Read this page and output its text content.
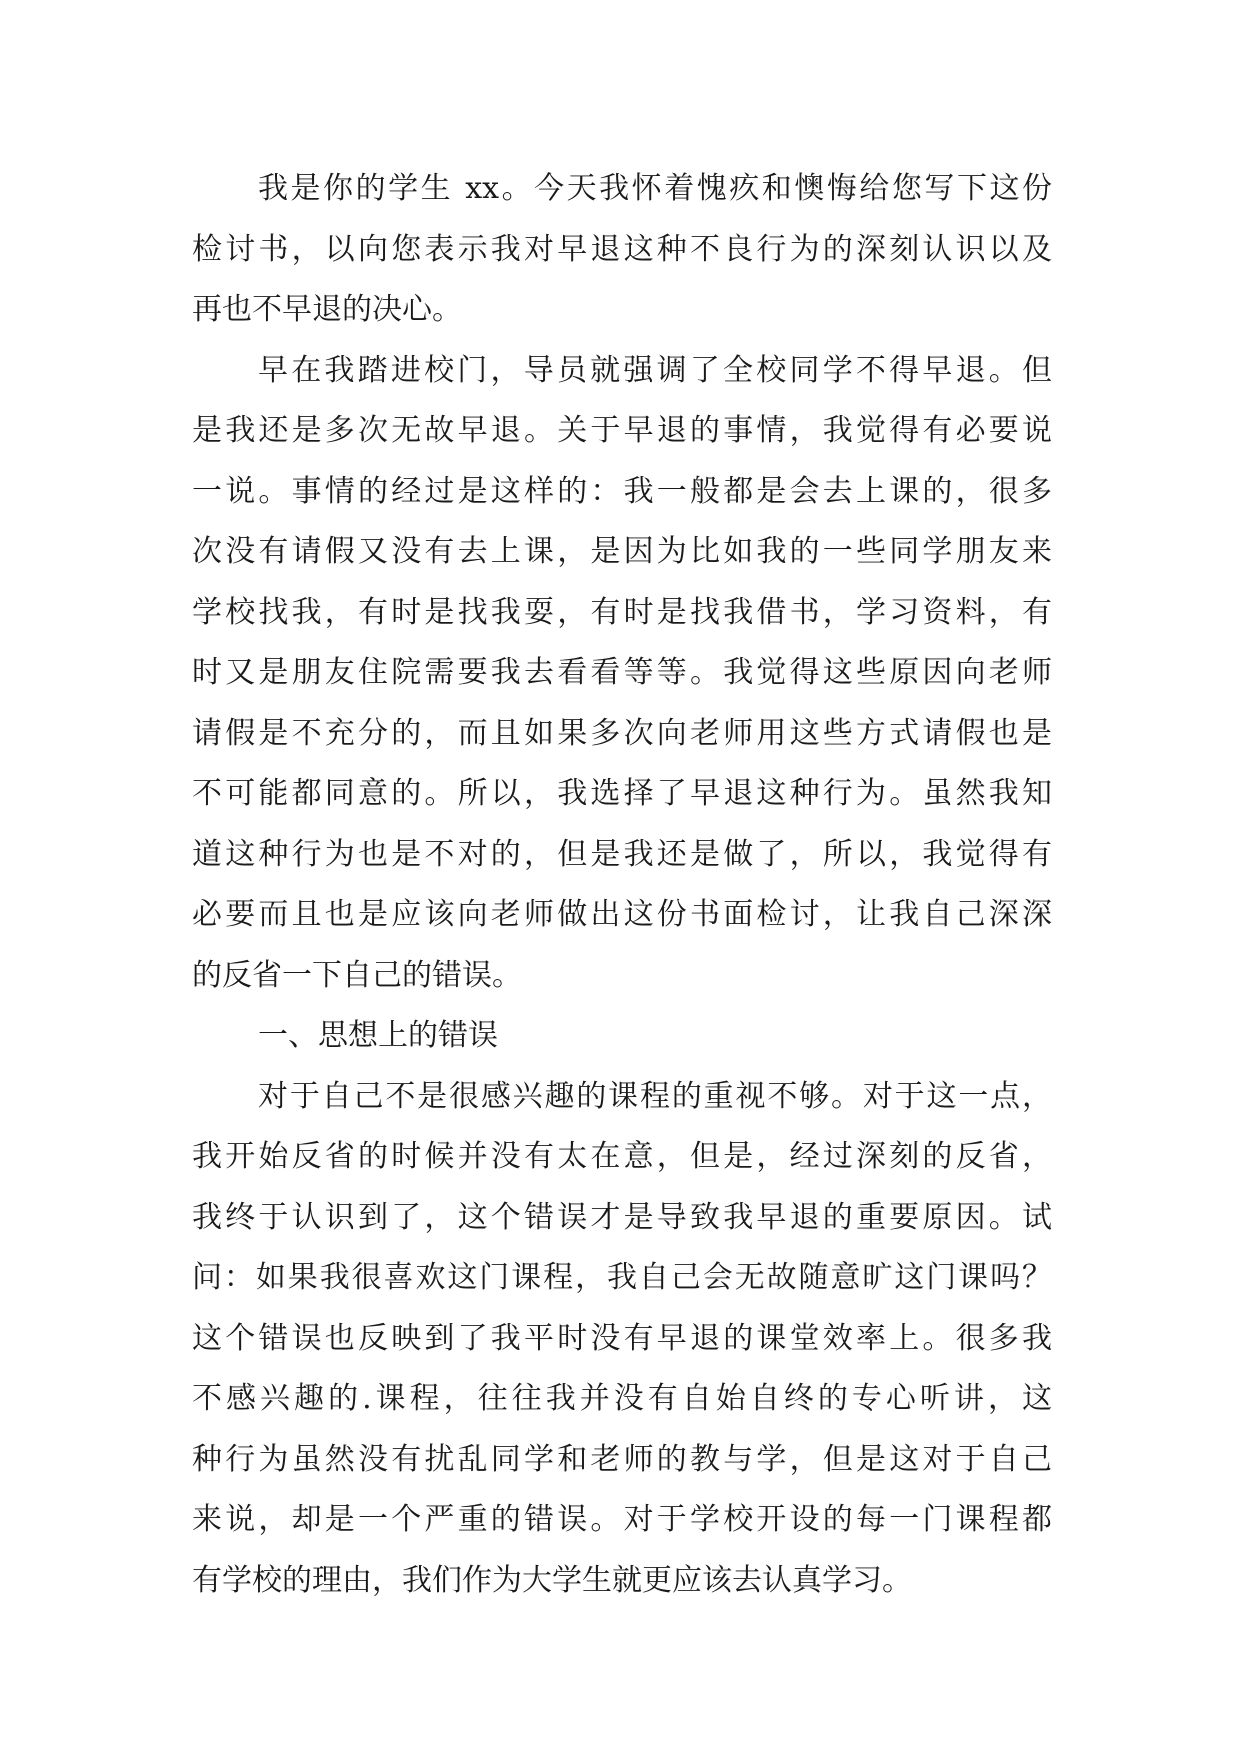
我是你的学生 xx。今天我怀着愧疚和懊悔给您写下这份
检讨书，以向您表示我对早退这种不良行为的深刻认识以及
再也不早退的决心。
早在我踏进校门，导员就强调了全校同学不得早退。但
是我还是多次无故早退。关于早退的事情，我觉得有必要说
一说。事情的经过是这样的：我一般都是会去上课的，很多
次没有请假又没有去上课，是因为比如我的一些同学朋友来
学校找我，有时是找我耍，有时是找我借书，学习资料，有
时又是朋友住院需要我去看看等等。我觉得这些原因向老师
请假是不充分的，而且如果多次向老师用这些方式请假也是
不可能都同意的。所以，我选择了早退这种行为。虽然我知
道这种行为也是不对的，但是我还是做了，所以，我觉得有
必要而且也是应该向老师做出这份书面检讨，让我自己深深
的反省一下自己的错误。
一、思想上的错误
对于自己不是很感兴趣的课程的重视不够。对于这一点，
我开始反省的时候并没有太在意，但是，经过深刻的反省，
我终于认识到了，这个错误才是导致我早退的重要原因。试
问：如果我很喜欢这门课程，我自己会无故随意旷这门课吗？
这个错误也反映到了我平时没有早退的课堂效率上。很多我
不感兴趣的.课程，往往我并没有自始自终的专心听讲，这
种行为虽然没有扰乱同学和老师的教与学，但是这对于自己
来说，却是一个严重的错误。对于学校开设的每一门课程都
有学校的理由，我们作为大学生就更应该去认真学习。
